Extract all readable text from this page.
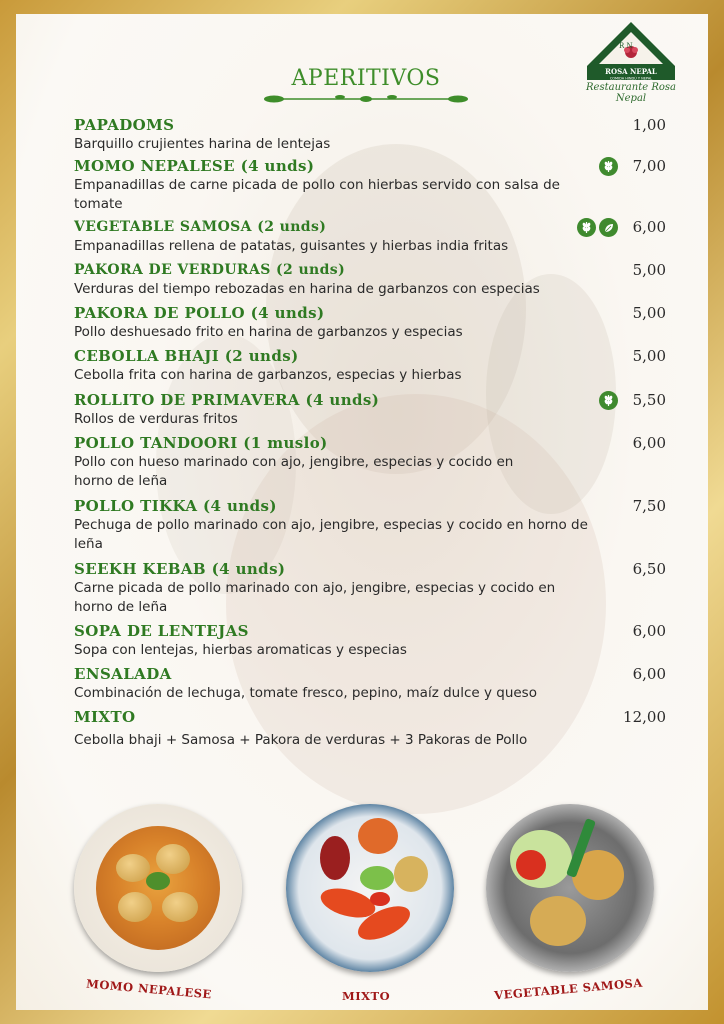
R N
ROSA NEPAL
COMIDA HINDÚ Y NEPAL
Restaurante Rosa Nepal
APERITIVOS
PAPADOMS
Barquillo crujientes harina de lentejas
1,00
MOMO NEPALESE (4 unds)
Empanadillas de carne picada de pollo con hierbas servido con salsa de tomate
7,00
VEGETABLE SAMOSA (2 unds)
Empanadillas rellena de patatas, guisantes y hierbas india fritas
6,00
PAKORA DE VERDURAS (2 unds)
Verduras del tiempo rebozadas en harina de garbanzos con especias
5,00
PAKORA DE POLLO (4 unds)
Pollo deshuesado frito en harina de garbanzos y especias
5,00
CEBOLLA BHAJI (2 unds)
Cebolla frita con harina de garbanzos, especias y hierbas
5,00
ROLLITO DE PRIMAVERA (4 unds)
Rollos de verduras fritos
5,50
POLLO TANDOORI (1 muslo)
Pollo con hueso marinado con ajo, jengibre, especias y cocido en horno de leña
6,00
POLLO TIKKA (4 unds)
Pechuga de pollo marinado con ajo, jengibre, especias y cocido en horno de leña
7,50
SEEKH KEBAB (4 unds)
Carne picada de pollo marinado con ajo, jengibre, especias y cocido en horno de leña
6,50
SOPA DE LENTEJAS
Sopa con lentejas, hierbas aromaticas y especias
6,00
ENSALADA
Combinación de lechuga, tomate fresco, pepino, maíz dulce y queso
6,00
MIXTO
Cebolla bhaji + Samosa + Pakora de verduras + 3 Pakoras de Pollo
12,00
MOMO NEPALESE	MIXTO	VEGETABLE SAMOSA
